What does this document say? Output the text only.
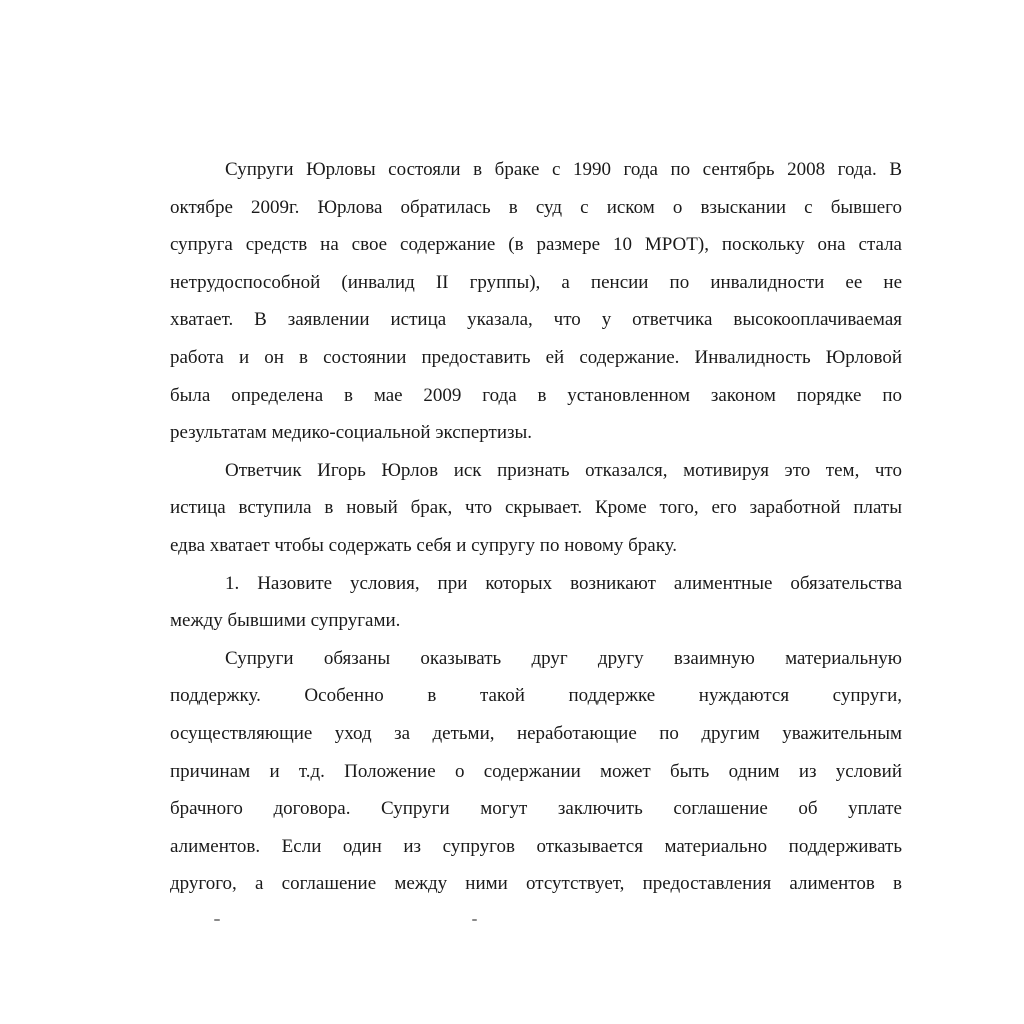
Супруги Юрловы состояли в браке с 1990 года по сентябрь 2008 года. В
октябре 2009г. Юрлова обратилась в суд с иском о взыскании с бывшего
супруга средств на свое содержание (в размере 10 МРОТ), поскольку она стала
нетрудоспособной (инвалид II группы), а пенсии по инвалидности ее не
хватает. В заявлении истица указала, что у ответчика высокооплачиваемая
работа и он в состоянии предоставить ей содержание. Инвалидность Юрловой
была определена в мае 2009 года в установленном законом порядке по
результатам медико-социальной экспертизы.
Ответчик Игорь Юрлов иск признать отказался, мотивируя это тем, что
истица вступила в новый брак, что скрывает. Кроме того, его заработной платы
едва хватает чтобы содержать себя и супругу по новому браку.
1. Назовите условия, при которых возникают алиментные обязательства
между бывшими супругами.
Супруги обязаны оказывать друг другу взаимную материальную
поддержку. Особенно в такой поддержке нуждаются супруги,
осуществляющие уход за детьми, неработающие по другим уважительным
причинам и т.д. Положение о содержании может быть одним из условий
брачного договора. Супруги могут заключить соглашение об уплате
алиментов. Если один из супругов отказывается материально поддерживать
другого, а соглашение между ними отсутствует, предоставления алиментов в
